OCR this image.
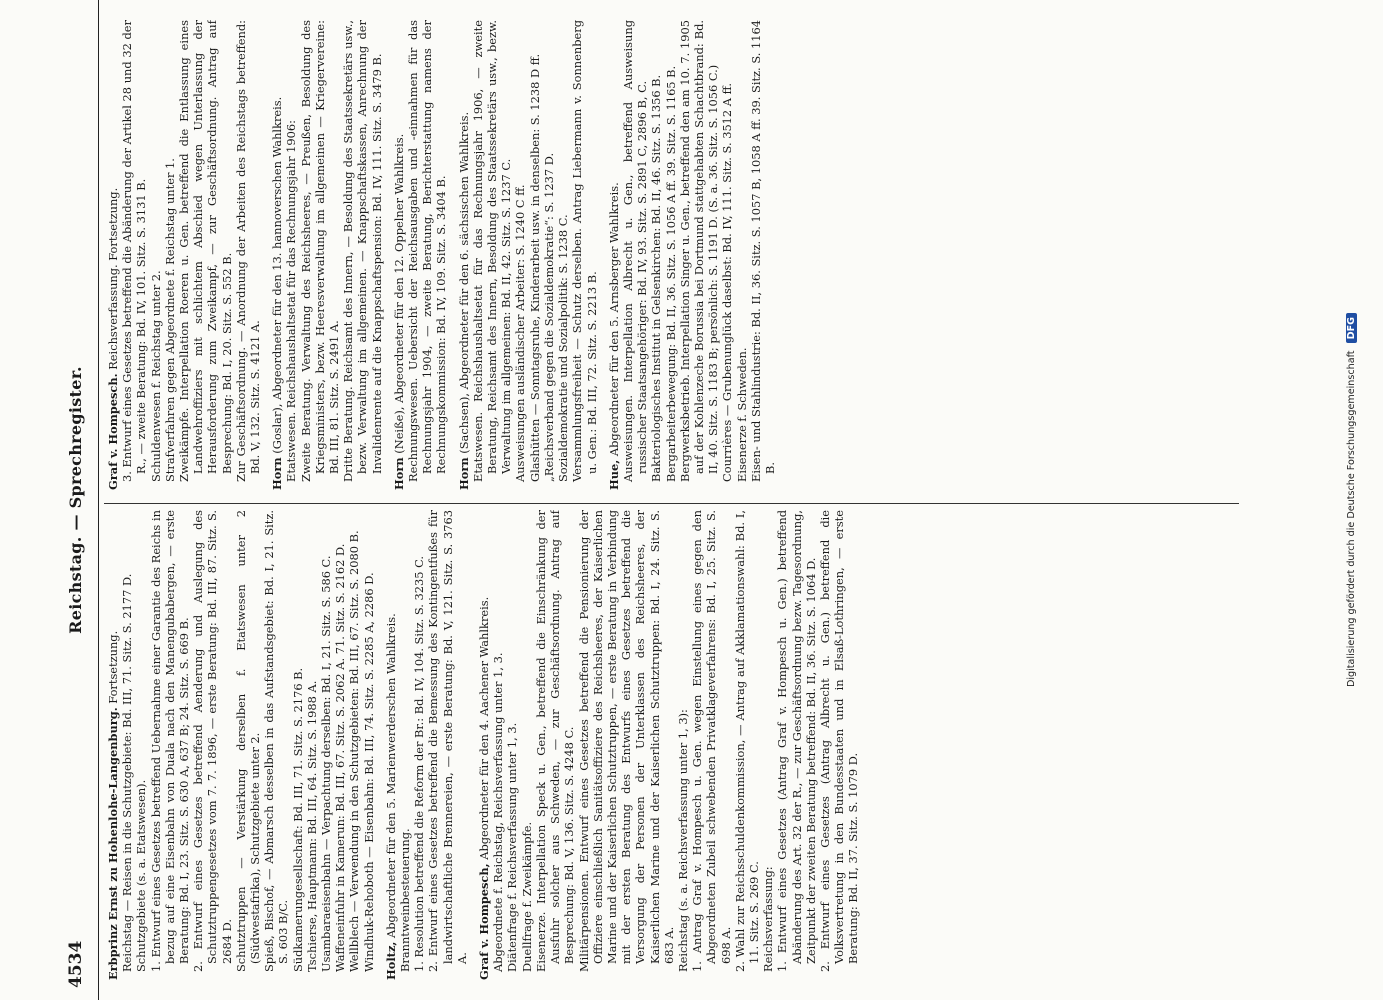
4534
Reichstag. — Sprechregister.
Erbprinz Ernst zu Hohenlohe-Langenburg. Fortsetzung. Reichstag — Reisen in die Schutzgebiete: Bd. III, 71. Sitz. S. 2177 D. Schutzgebiete (s. a. Etatswesen). 1. Entwurf eines Gesetzes betreffend Uebernahme einer Garantie des Reichs in bezug auf eine Eisenbahn von Duala nach den Manengubabergen, — erste Beratung: Bd. I, 23. Sitz. S. 630 A, 637 B; 24. Sitz. S. 669 B. 2. Entwurf eines Gesetzes betreffend Aenderung und Auslegung des Schutztruppengesetzes vom 7. 7. 1896, — erste Beratung: Bd. III, 87. Sitz. S. 2684 D. Schutztruppen — Verstärkung derselben f. Etatswesen unter 2 (Südwestafrika), Schutzgebiete unter 2. Spieß, Bischof, — Abmarsch desselben in das Aufstandsgebiet: Bd. I, 21. Sitz. S. 603 B/C. Südkamerungesellschaft: Bd. III, 71. Sitz. S. 2176 B. Tschierse, Hauptmann: Bd. III, 64. Sitz. S. 1988 A. Usambaraeisenbahn — Verpachtung derselben: Bd. I, 21. Sitz. S. 586 C. Waffeneinfuhr in Kamerun: Bd. III, 67. Sitz. S. 2062 A. 71. Sitz. S. 2162 D. Wellblech — Verwendung in den Schutzgebieten: Bd. III, 67. Sitz. S. 2080 B. Windhuk-Rehoboth — Eisenbahn: Bd. III, 74. Sitz. S. 2285 A, 2286 D. Holtz, Abgeordneter für den 5. Marienwerderschen Wahlkreis. Branntweinbesteuerung. 1. Resolution betreffend die Reform der Br.: Bd. IV, 104. Sitz. S. 3235 C. 2. Entwurf eines Gesetzes betreffend die Bemessung des Kontingentfußes für landwirtschaftliche Brennereien, — erste Beratung: Bd. V, 121. Sitz. S. 3763 A. Graf v. Hompesch, Abgeordneter für den 4. Aachener Wahlkreis. Abgeordnete f. Reichstag, Reichsverfassung unter 1, 3. Diätenfrage f. Reichsverfassung unter 1, 3. Duellfrage f. Zweikämpfe. Eisenerze. Interpellation Speck u. Gen., betreffend die Einschränkung der Ausfuhr solcher aus Schweden, — zur Geschäftsordnung. Antrag auf Besprechung: Bd. V, 136. Sitz. S. 4248 C. Militärpensionen. Entwurf eines Gesetzes betreffend die Pensionierung der Offiziere einschließlich Sanitätsoffiziere des Reichsheeres, der Kaiserlichen Marine und der Kaiserlichen Schutztruppen, — erste Beratung in Verbindung mit der ersten Beratung des Entwurfs eines Gesetzes betreffend die Versorgung der Personen der Unterklassen des Reichsheeres, der Kaiserlichen Marine und der Kaiserlichen Schutztruppen: Bd. I, 24. Sitz. S. 683 A. Reichstag (s. a. Reichsverfassung unter 1, 3): 1. Antrag Graf v. Hompesch u. Gen. wegen Einstellung eines gegen den Abgeordneten Zubeil schwebenden Privatklageverfahrens: Bd. I, 25. Sitz. S. 698 A. 2. Wahl zur Reichsschuldenkommission, — Antrag auf Akklamationswahl: Bd. I, 11. Sitz. S. 269 C. Reichsverfassung: 1. Entwurf eines Gesetzes (Antrag Graf v. Hompesch u. Gen.) betreffend Abänderung des Art. 32 der R., — zur Geschäftsordnung bezw. Tagesordnung, Zeitpunkt der zweiten Beratung betreffend: Bd. II, 36. Sitz. S. 1064 D. 2. Entwurf eines Gesetzes (Antrag Albrecht u. Gen.) betreffend die Volksvertretung in den Bundesstaaten und in Elsaß-Lothringen, — erste Beratung: Bd. II, 37. Sitz. S. 1079 D.
Graf v. Hompesch. Reichsverfassung. Fortsetzung. 3. Entwurf eines Gesetzes betreffend die Abänderung der Artikel 28 und 32 der R., — zweite Beratung: Bd. IV, 101. Sitz. S. 3131 B. Schuldenwesen f. Reichstag unter 2. Strafverfahren gegen Abgeordnete f. Reichstag unter 1. Zweikämpfe. Interpellation Roeren u. Gen. betreffend die Entlassung eines Landwehroffiziers mit schlichtem Abschied wegen Unterlassung der Herausforderung zum Zweikampf, — zur Geschäftsordnung. Antrag auf Besprechung: Bd. I, 20. Sitz. S. 552 B. Zur Geschäftsordnung. — Anordnung der Arbeiten des Reichstags betreffend: Bd. V, 132. Sitz. S. 4121 A. Horn (Goslar), Abgeordneter für den 13. hannoverschen Wahlkreis. Etatswesen. Reichshaushaltsetat für das Rechnungsjahr 1906: Zweite Beratung. Verwaltung des Reichsheeres, — Preußen, Besoldung des Kriegsministers, bezw. Heeresverwaltung im allgemeinen — Kriegervereine: Bd. III, 81. Sitz. S. 2491 A. Dritte Beratung. Reichsamt des Innern, — Besoldung des Staatssekretärs usw., bezw. Verwaltung im allgemeinen. — Knappschaftskassen, Anrechnung der Invalidenrente auf die Knappschaftspension: Bd. IV, 111. Sitz. S. 3479 B. Horn (Neiße), Abgeordneter für den 12. Oppelner Wahlkreis. Rechnungswesen. Uebersicht der Reichsausgaben und -einnahmen für das Rechnungsjahr 1904, — zweite Beratung, Berichterstattung namens der Rechnungskommission: Bd. IV, 109. Sitz. S. 3404 B. Horn (Sachsen), Abgeordneter für den 6. sächsischen Wahlkreis. Etatswesen. Reichshaushaltsetat für das Rechnungsjahr 1906, — zweite Beratung, Reichsamt des Innern, Besoldung des Staatssekretärs usw., bezw. Verwaltung im allgemeinen: Bd. II, 42. Sitz. S. 1237 C. Ausweisungen ausländischer Arbeiter: S. 1240 C ff. Glashütten — Sonntagsruhe, Kinderarbeit usw. in denselben: S. 1238 D ff. „Reichsverband gegen die Sozialdemokratie“: S. 1237 D. Sozialdemokratie und Sozialpolitik: S. 1238 C. Versammlungsfreiheit — Schutz derselben. Antrag Liebermann v. Sonnenberg u. Gen.: Bd. III, 72. Sitz. S. 2213 B.
Hue, Abgeordneter für den 5. Arnsberger Wahlkreis. Ausweisungen. Interpellation Albrecht u. Gen., betreffend Ausweisung russischer Staatsangehöriger: Bd. IV, 93. Sitz. S. 2891 C, 2896 B, C. Bakteriologisches Institut in Gelsenkirchen: Bd. II, 46. Sitz. S. 1356 B. Bergarbeiterbewegung: Bd. II, 36. Sitz. S. 1056 A ff. 39. Sitz. S. 1165 B. Bergwerksbetrieb. Interpellation Singer u. Gen., betreffend den am 10. 7. 1905 auf der Kohlenzeche Borussia bei Dortmund stattgehabten Schachtbrand: Bd. II, 40. Sitz. S. 1183 B; persönlich: S. 1191 D. (S. a. 36. Sitz. S. 1056 C.) Courrières — Grubenunglück daselbst: Bd. IV, 111. Sitz. S. 3512 A ff. Eisenerze f. Schweden. Eisen- und Stahlindustrie: Bd. II, 36. Sitz. S. 1057 B, 1058 A ff. 39. Sitz. S. 1164 B.	Digitalisierung gefördert durch die Deutsche Forschungsgemeinschaft DFG
